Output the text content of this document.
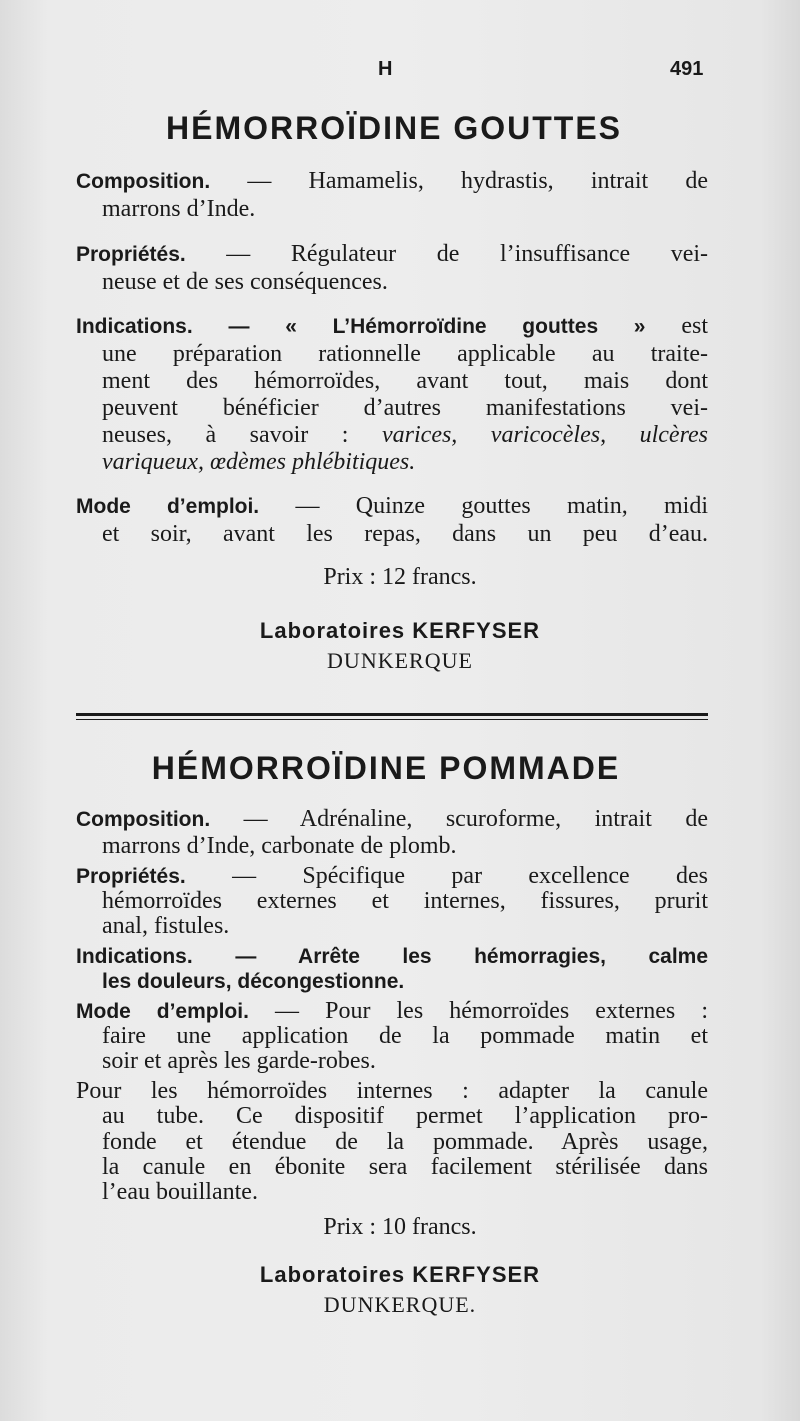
H	491
HÉMORROÏDINE GOUTTES
Composition. — Hamamelis, hydrastis, intrait de
marrons d’Inde.
Propriétés. — Régulateur de l’insuffisance vei-
neuse et de ses conséquences.
Indications. — « L’Hémorroïdine gouttes » est
une préparation rationnelle applicable au traite-
ment des hémorroïdes, avant tout, mais dont
peuvent bénéficier d’autres manifestations vei-
neuses, à savoir : varices, varicocèles, ulcères
variqueux, œdèmes phlébitiques.
Mode d’emploi. — Quinze gouttes matin, midi
et soir, avant les repas, dans un peu d’eau.
Prix : 12 francs.
Laboratoires KERFYSER
DUNKERQUE
HÉMORROÏDINE POMMADE
Composition. — Adrénaline, scuroforme, intrait de
marrons d’Inde, carbonate de plomb.
Propriétés. — Spécifique par excellence des
hémorroïdes externes et internes, fissures, prurit
anal, fistules.
Indications. — Arrête les hémorragies, calme
les douleurs, décongestionne.
Mode d’emploi. — Pour les hémorroïdes externes :
faire une application de la pommade matin et
soir et après les garde-robes.
Pour les hémorroïdes internes : adapter la canule
au tube. Ce dispositif permet l’application pro-
fonde et étendue de la pommade. Après usage,
la canule en ébonite sera facilement stérilisée dans
l’eau bouillante.
Prix : 10 francs.
Laboratoires KERFYSER
DUNKERQUE.
